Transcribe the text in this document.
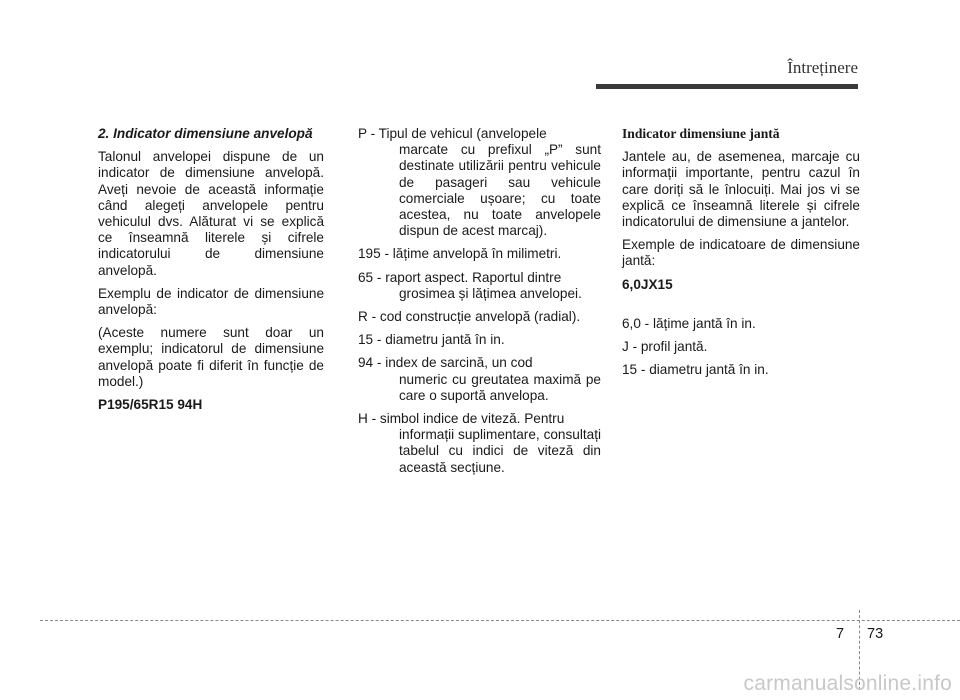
Întreținere

2. Indicator dimensiune anvelopă

Talonul anvelopei dispune de un indicator de dimensiune anvelopă. Aveți nevoie de această informație când alegeți anvelopele pentru vehiculul dvs. Alăturat vi se explică ce înseamnă literele și cifrele indicatorului de dimensiune anvelopă.

Exemplu de indicator de dimensiune anvelopă:

(Aceste numere sunt doar un exemplu; indicatorul de dimensiune anvelopă poate fi diferit în funcție de model.)

P195/65R15 94H

P - Tipul de vehicul (anvelopele
marcate cu prefixul „P” sunt destinate utilizării pentru vehicule de pasageri sau vehicule comerciale ușoare; cu toate acestea, nu toate anvelopele dispun de acest marcaj).
195 - lățime anvelopă în milimetri.
65 - raport aspect. Raportul dintre
grosimea și lățimea anvelopei.
R - cod construcție anvelopă (radial).
15 - diametru jantă în in.
94 - index de sarcină, un cod
numeric cu greutatea maximă pe care o suportă anvelopa.
H - simbol indice de viteză. Pentru
informații suplimentare, consultați tabelul cu indici de viteză din această secțiune.

Indicator dimensiune jantă

Jantele au, de asemenea, marcaje cu informații importante, pentru cazul în care doriți să le înlocuiți. Mai jos vi se explică ce înseamnă literele și cifrele indicatorului de dimensiune a jantelor.

Exemple de indicatoare de dimensiune jantă:

6,0JX15

6,0 - lățime jantă în in.

J - profil jantă.

15 - diametru jantă în in.

7 73
carmanualsonline.info
